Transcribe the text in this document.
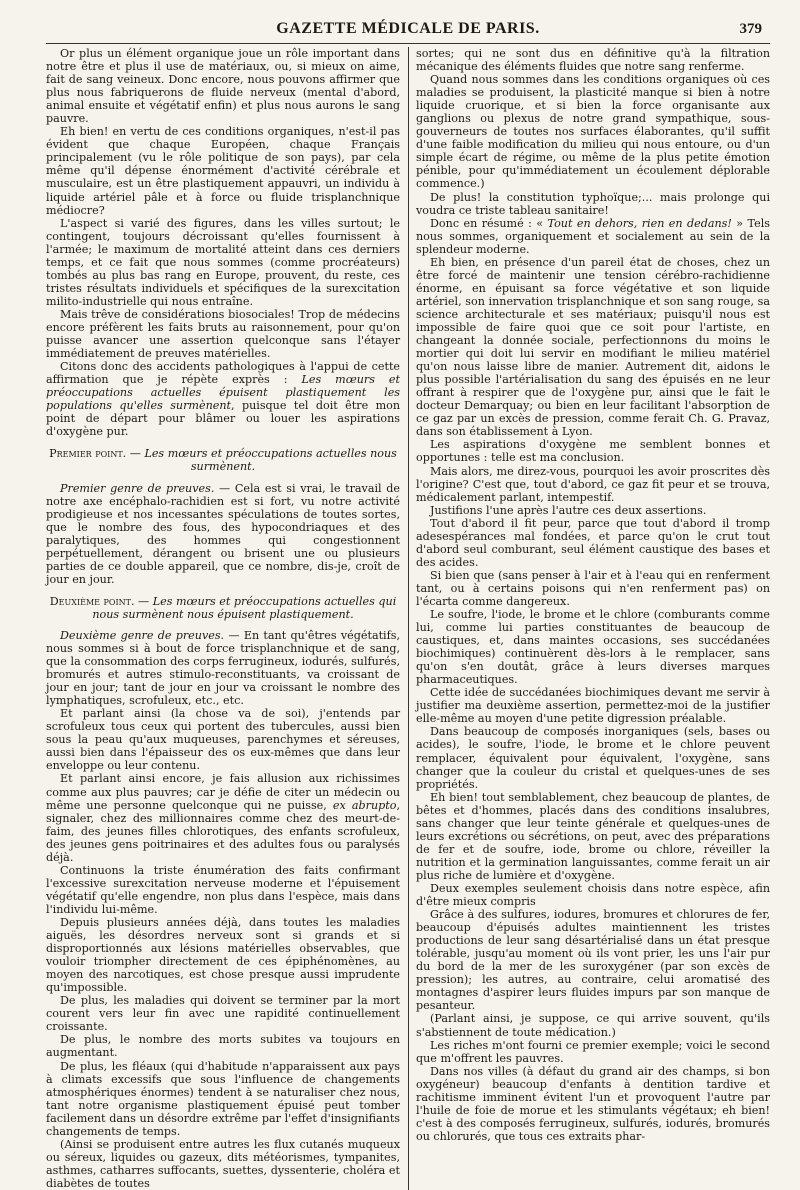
GAZETTE MÉDICALE DE PARIS.	379

Or plus un élément organique joue un rôle important dans notre être et plus il use de matériaux, ou, si mieux on aime, fait de sang veineux. Donc encore, nous pouvons affirmer que plus nous fabriquerons de fluide nerveux (mental d'abord, animal ensuite et végétatif enfin) et plus nous aurons le sang pauvre.

Eh bien! en vertu de ces conditions organiques, n'est-il pas évident que chaque Européen, chaque Français principalement (vu le rôle politique de son pays), par cela même qu'il dépense énormément d'activité cérébrale et musculaire, est un être plastiquement appauvri, un individu à liquide artériel pâle et à force ou fluide trisplanchnique médiocre?

L'aspect si varié des figures, dans les villes surtout; le contingent, toujours décroissant qu'elles fournissent à l'armée; le maximum de mortalité atteint dans ces derniers temps, et ce fait que nous sommes (comme procréateurs) tombés au plus bas rang en Europe, prouvent, du reste, ces tristes résultats individuels et spécifiques de la surexcitation milito-industrielle qui nous entraîne.

Mais trêve de considérations biosociales! Trop de médecins encore préfèrent les faits bruts au raisonnement, pour qu'on puisse avancer une assertion quelconque sans l'étayer immédiatement de preuves matérielles.

Citons donc des accidents pathologiques à l'appui de cette affirmation que je répète exprès : Les mœurs et préoccupations actuelles épuisent plastiquement les populations qu'elles surmènent, puisque tel doit être mon point de départ pour blâmer ou louer les aspirations d'oxygène pur.

Premier point. — Les mœurs et préoccupations actuelles nous surmènent.

Premier genre de preuves. — Cela est si vrai, le travail de notre axe encéphalo-rachidien est si fort, vu notre activité prodigieuse et nos incessantes spéculations de toutes sortes, que le nombre des fous, des hypocondriaques et des paralytiques, des hommes qui congestionnent perpétuellement, dérangent ou brisent une ou plusieurs parties de ce double appareil, que ce nombre, dis-je, croît de jour en jour.

Deuxième point. — Les mœurs et préoccupations actuelles qui nous surmènent nous épuisent plastiquement.

Deuxième genre de preuves. — En tant qu'êtres végétatifs, nous sommes si à bout de force trisplanchnique et de sang, que la consommation des corps ferrugineux, iodurés, sulfurés, bromurés et autres stimulo-reconstituants, va croissant de jour en jour; tant de jour en jour va croissant le nombre des lymphatiques, scrofuleux, etc., etc.

Et parlant ainsi (la chose va de soi), j'entends par scrofuleux tous ceux qui portent des tubercules, aussi bien sous la peau qu'aux muqueuses, parenchymes et séreuses, aussi bien dans l'épaisseur des os eux-mêmes que dans leur enveloppe ou leur contenu.

Et parlant ainsi encore, je fais allusion aux richissimes comme aux plus pauvres; car je défie de citer un médecin ou même une personne quelconque qui ne puisse, ex abrupto, signaler, chez des millionnaires comme chez des meurt-de-faim, des jeunes filles chlorotiques, des enfants scrofuleux, des jeunes gens poitrinaires et des adultes fous ou paralysés déjà.

Continuons la triste énumération des faits confirmant l'excessive surexcitation nerveuse moderne et l'épuisement végétatif qu'elle engendre, non plus dans l'espèce, mais dans l'individu lui-même.

Depuis plusieurs années déjà, dans toutes les maladies aiguës, les désordres nerveux sont si grands et si disproportionnés aux lésions matérielles observables, que vouloir triompher directement de ces épiphénomènes, au moyen des narcotiques, est chose presque aussi imprudente qu'impossible.

De plus, les maladies qui doivent se terminer par la mort courent vers leur fin avec une rapidité continuellement croissante.

De plus, le nombre des morts subites va toujours en augmentant.

De plus, les fléaux (qui d'habitude n'apparaissent aux pays à climats excessifs que sous l'influence de changements atmosphériques énormes) tendent à se naturaliser chez nous, tant notre organisme plastiquement épuisé peut tomber facilement dans un désordre extrême par l'effet d'insignifiants changements de temps.

(Ainsi se produisent entre autres les flux cutanés muqueux ou séreux, liquides ou gazeux, dits météorismes, tympanites, asthmes, catharres suffocants, suettes, dyssenterie, choléra et diabètes de toutes

sortes; qui ne sont dus en définitive qu'à la filtration mécanique des éléments fluides que notre sang renferme.

Quand nous sommes dans les conditions organiques où ces maladies se produisent, la plasticité manque si bien à notre liquide cruorique, et si bien la force organisante aux ganglions ou plexus de notre grand sympathique, sous-gouverneurs de toutes nos surfaces élaborantes, qu'il suffit d'une faible modification du milieu qui nous entoure, ou d'un simple écart de régime, ou même de la plus petite émotion pénible, pour qu'immédiatement un écoulement déplorable commence.)

De plus! la constitution typhoïque;... mais prolonge qui voudra ce triste tableau sanitaire!

Donc en résumé : « Tout en dehors, rien en dedans! » Tels nous sommes, organiquement et socialement au sein de la splendeur moderne.

Eh bien, en présence d'un pareil état de choses, chez un être forcé de maintenir une tension cérébro-rachidienne énorme, en épuisant sa force végétative et son liquide artériel, son innervation trisplanchnique et son sang rouge, sa science architecturale et ses matériaux; puisqu'il nous est impossible de faire quoi que ce soit pour l'artiste, en changeant la donnée sociale, perfectionnons du moins le mortier qui doit lui servir en modifiant le milieu matériel qu'on nous laisse libre de manier. Autrement dit, aidons le plus possible l'artérialisation du sang des épuisés en ne leur offrant à respirer que de l'oxygène pur, ainsi que le fait le docteur Demarquay; ou bien en leur facilitant l'absorption de ce gaz par un excès de pression, comme ferait Ch. G. Pravaz, dans son établissement à Lyon.

Les aspirations d'oxygène me semblent bonnes et opportunes : telle est ma conclusion.

Mais alors, me direz-vous, pourquoi les avoir proscrites dès l'origine? C'est que, tout d'abord, ce gaz fit peur et se trouva, médicalement parlant, intempestif.

Justifions l'une après l'autre ces deux assertions.

Tout d'abord il fit peur, parce que tout d'abord il tromp adesespérances mal fondées, et parce qu'on le crut tout d'abord seul comburant, seul élément caustique des bases et des acides.

Si bien que (sans penser à l'air et à l'eau qui en renferment tant, ou à certains poisons qui n'en renferment pas) on l'écarta comme dangereux.

Le soufre, l'iode, le brome et le chlore (comburants comme lui, comme lui parties constituantes de beaucoup de caustiques, et, dans maintes occasions, ses succédanées biochimiques) continuèrent dès-lors à le remplacer, sans qu'on s'en doutât, grâce à leurs diverses marques pharmaceutiques.

Cette idée de succédanées biochimiques devant me servir à justifier ma deuxième assertion, permettez-moi de la justifier elle-même au moyen d'une petite digression préalable.

Dans beaucoup de composés inorganiques (sels, bases ou acides), le soufre, l'iode, le brome et le chlore peuvent remplacer, équivalent pour équivalent, l'oxygène, sans changer que la couleur du cristal et quelques-unes de ses propriétés.

Eh bien! tout semblablement, chez beaucoup de plantes, de bêtes et d'hommes, placés dans des conditions insalubres, sans changer que leur teinte générale et quelques-unes de leurs excrétions ou sécrétions, on peut, avec des préparations de fer et de soufre, iode, brome ou chlore, réveiller la nutrition et la germination languissantes, comme ferait un air plus riche de lumière et d'oxygène.

Deux exemples seulement choisis dans notre espèce, afin d'être mieux compris

Grâce à des sulfures, iodures, bromures et chlorures de fer, beaucoup d'épuisés adultes maintiennent les tristes productions de leur sang désartérialisé dans un état presque tolérable, jusqu'au moment où ils vont prier, les uns l'air pur du bord de la mer de les suroxygéner (par son excès de pression); les autres, au contraire, celui aromatisé des montagnes d'aspirer leurs fluides impurs par son manque de pesanteur.

(Parlant ainsi, je suppose, ce qui arrive souvent, qu'ils s'abstiennent de toute médication.)

Les riches m'ont fourni ce premier exemple; voici le second que m'offrent les pauvres.

Dans nos villes (à défaut du grand air des champs, si bon oxygéneur) beaucoup d'enfants à dentition tardive et rachitisme imminent évitent l'un et provoquent l'autre par l'huile de foie de morue et les stimulants végétaux; eh bien! c'est à des composés ferrugineux, sulfurés, iodurés, bromurés ou chlorurés, que tous ces extraits phar-
